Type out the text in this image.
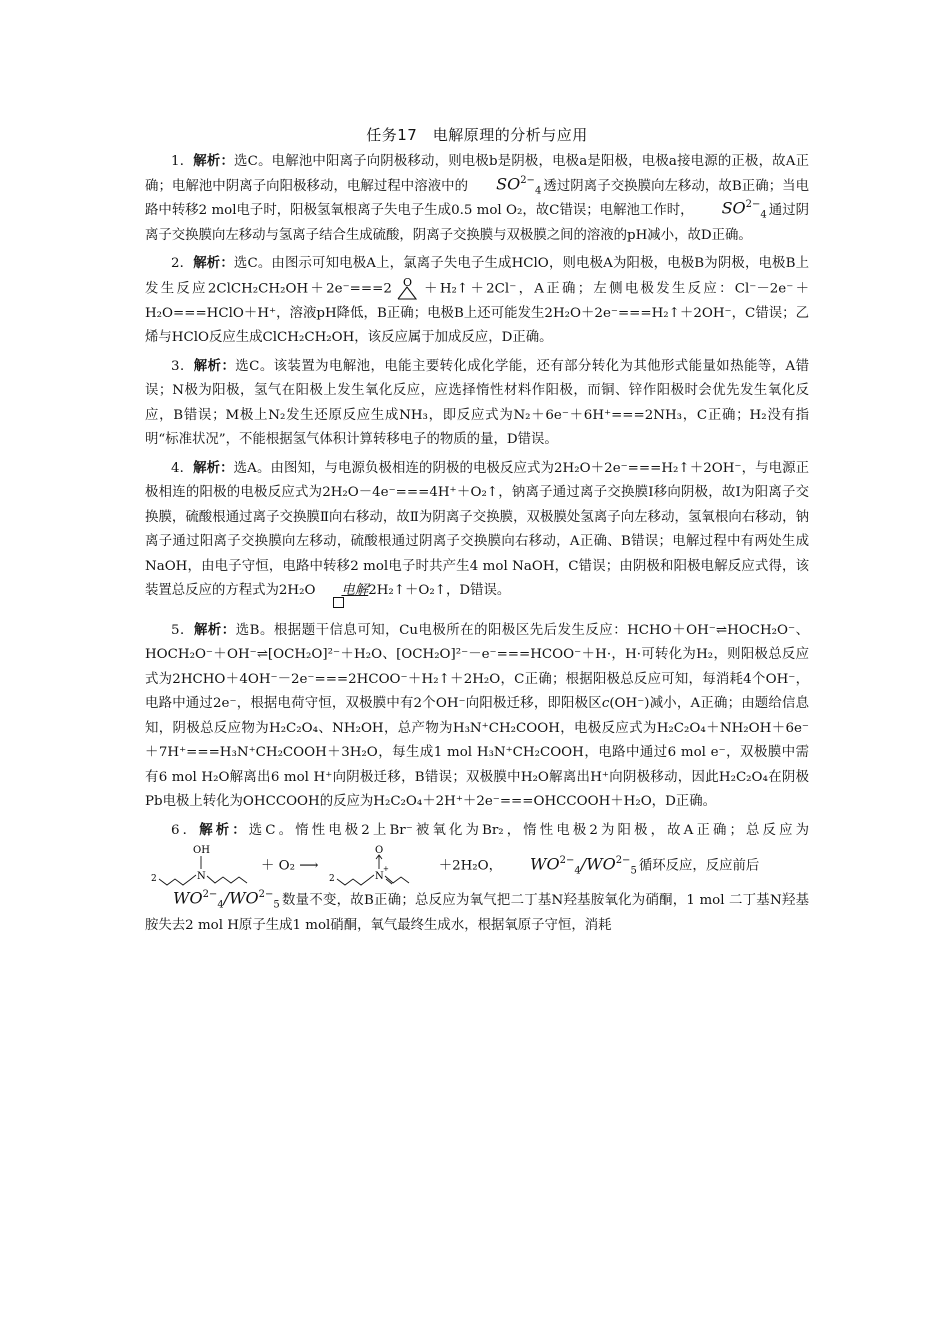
任务17　电解原理的分析与应用

1．解析：选C。电解池中阳离子向阴极移动，则电极b是阴极，电极a是阳极，电极a接电源的正极，故A正确；电解池中阴离子向阳极移动，电解过程中溶液中的 $SO^{2-}_4$ 透过阴离子交换膜向左移动，故B正确；当电路中转移2 mol电子时，阳极氢氧根离子失电子生成0.5 mol O₂，故C错误；电解池工作时， $SO^{2-}_4$ 通过阴离子交换膜向左移动与氢离子结合生成硫酸，阴离子交换膜与双极膜之间的溶液的pH减小，故D正确。

2．解析：选C。由图示可知电极A上，氯离子失电子生成HClO，则电极A为阳极，电极B为阴极，电极B上发生反应2ClCH₂CH₂OH＋2e⁻===2 O ＋H₂↑＋2Cl⁻，A正确；左侧电极发生反应：Cl⁻－2e⁻＋H₂O===HClO＋H⁺，溶液pH降低，B正确；电极B上还可能发生2H₂O＋2e⁻===H₂↑＋2OH⁻，C错误；乙烯与HClO反应生成ClCH₂CH₂OH，该反应属于加成反应，D正确。

3．解析：选C。该装置为电解池，电能主要转化成化学能，还有部分转化为其他形式能量如热能等，A错误；N极为阳极，氢气在阳极上发生氧化反应，应选择惰性材料作阳极，而铜、锌作阳极时会优先发生氧化反应，B错误；M极上N₂发生还原反应生成NH₃，即反应式为N₂＋6e⁻＋6H⁺===2NH₃，C正确；H₂没有指明“标准状况”，不能根据氢气体积计算转移电子的物质的量，D错误。

4．解析：选A。由图知，与电源负极相连的阴极的电极反应式为2H₂O＋2e⁻===H₂↑＋2OH⁻，与电源正极相连的阳极的电极反应式为2H₂O－4e⁻===4H⁺＋O₂↑，钠离子通过离子交换膜Ⅰ移向阴极，故Ⅰ为阳离子交换膜，硫酸根通过离子交换膜Ⅱ向右移动，故Ⅱ为阴离子交换膜，双极膜处氢离子向左移动，氢氧根向右移动，钠离子通过阳离子交换膜向左移动，硫酸根通过阴离子交换膜向右移动，A正确、B错误；电解过程中有两处生成NaOH，由电子守恒，电路中转移2 mol电子时共产生4 mol NaOH，C错误；由阴极和阳极电解反应式得，该装置总反应的方程式为2H₂O 电解
2H₂↑＋O₂↑，D错误。

5．解析：选B。根据题干信息可知，Cu电极所在的阳极区先后发生反应：HCHO＋OH⁻⇌HOCH₂O⁻、HOCH₂O⁻＋OH⁻⇌[OCH₂O]²⁻＋H₂O、[OCH₂O]²⁻－e⁻===HCOO⁻＋H·，H·可转化为H₂，则阳极总反应式为2HCHO＋4OH⁻－2e⁻===2HCOO⁻＋H₂↑＋2H₂O，C正确；根据阳极总反应可知，每消耗4个OH⁻，电路中通过2e⁻，根据电荷守恒，双极膜中有2个OH⁻向阳极迁移，即阳极区c(OH⁻)减小，A正确；由题给信息知，阴极总反应物为H₂C₂O₄、NH₂OH，总产物为H₃N⁺CH₂COOH，电极反应式为H₂C₂O₄＋NH₂OH＋6e⁻＋7H⁺===H₃N⁺CH₂COOH＋3H₂O，每生成1 mol H₃N⁺CH₂COOH，电路中通过6 mol e⁻，双极膜中需有6 mol H₂O解离出6 mol H⁺向阴极迁移，B错误；双极膜中H₂O解离出H⁺向阴极移动，因此H₂C₂O₄在阴极Pb电极上转化为OHCCOOH的反应为H₂C₂O₄＋2H⁺＋2e⁻===OHCCOOH＋H₂O，D正确。

6．解析：选C。惰性电极2上Br⁻被氧化为Br₂，惰性电极2为阳极，故A正确；总反应为
2
OH
N
＋ O₂ ⟶
2
O
N
+	＋2H₂O， $WO^{2-}_4/WO^{2-}_5$ 循环反应，反应前后
$WO^{2-}_4/WO^{2-}_5$ 数量不变，故B正确；总反应为氧气把二丁基N羟基胺氧化为硝酮，1 mol 二丁基N羟基胺失去2 mol H原子生成1 mol硝酮，氧气最终生成水，根据氧原子守恒，消耗
